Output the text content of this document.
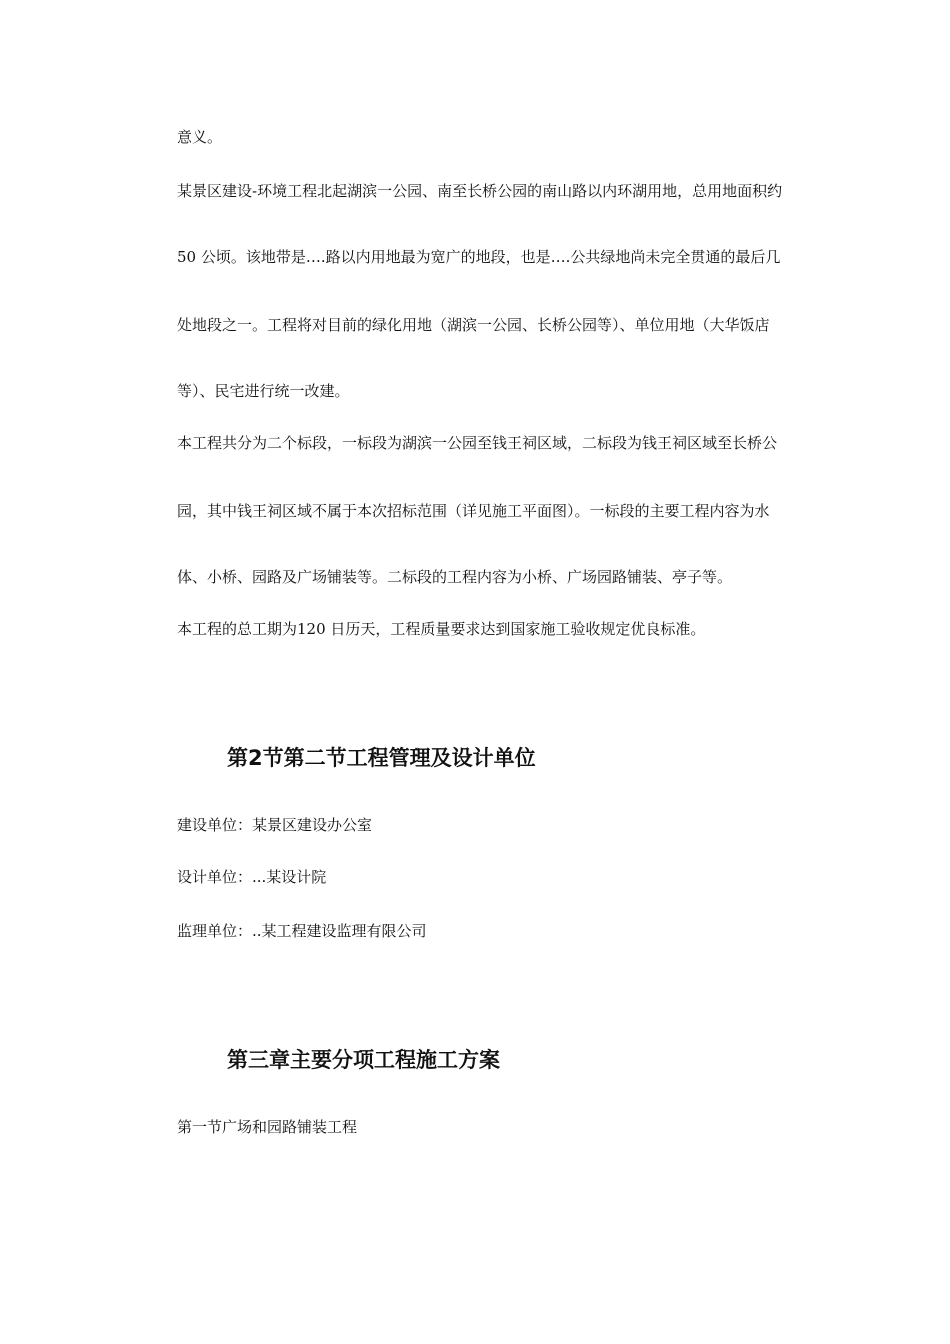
意义。

某景区建设-环境工程北起湖滨一公园、南至长桥公园的南山路以内环湖用地，总用地面积约

50 公顷。该地带是….路以内用地最为宽广的地段，也是….公共绿地尚未完全贯通的最后几

处地段之一。工程将对目前的绿化用地（湖滨一公园、长桥公园等）、单位用地（大华饭店

等）、民宅进行统一改建。

本工程共分为二个标段，一标段为湖滨一公园至钱王祠区域，二标段为钱王祠区域至长桥公

园，其中钱王祠区域不属于本次招标范围（详见施工平面图）。一标段的主要工程内容为水

体、小桥、园路及广场铺装等。二标段的工程内容为小桥、广场园路铺装、亭子等。

本工程的总工期为120 日历天，工程质量要求达到国家施工验收规定优良标准。

第2节第二节工程管理及设计单位

建设单位：某景区建设办公室

设计单位：...某设计院

监理单位：..某工程建设监理有限公司

第三章主要分项工程施工方案

第一节广场和园路铺装工程
